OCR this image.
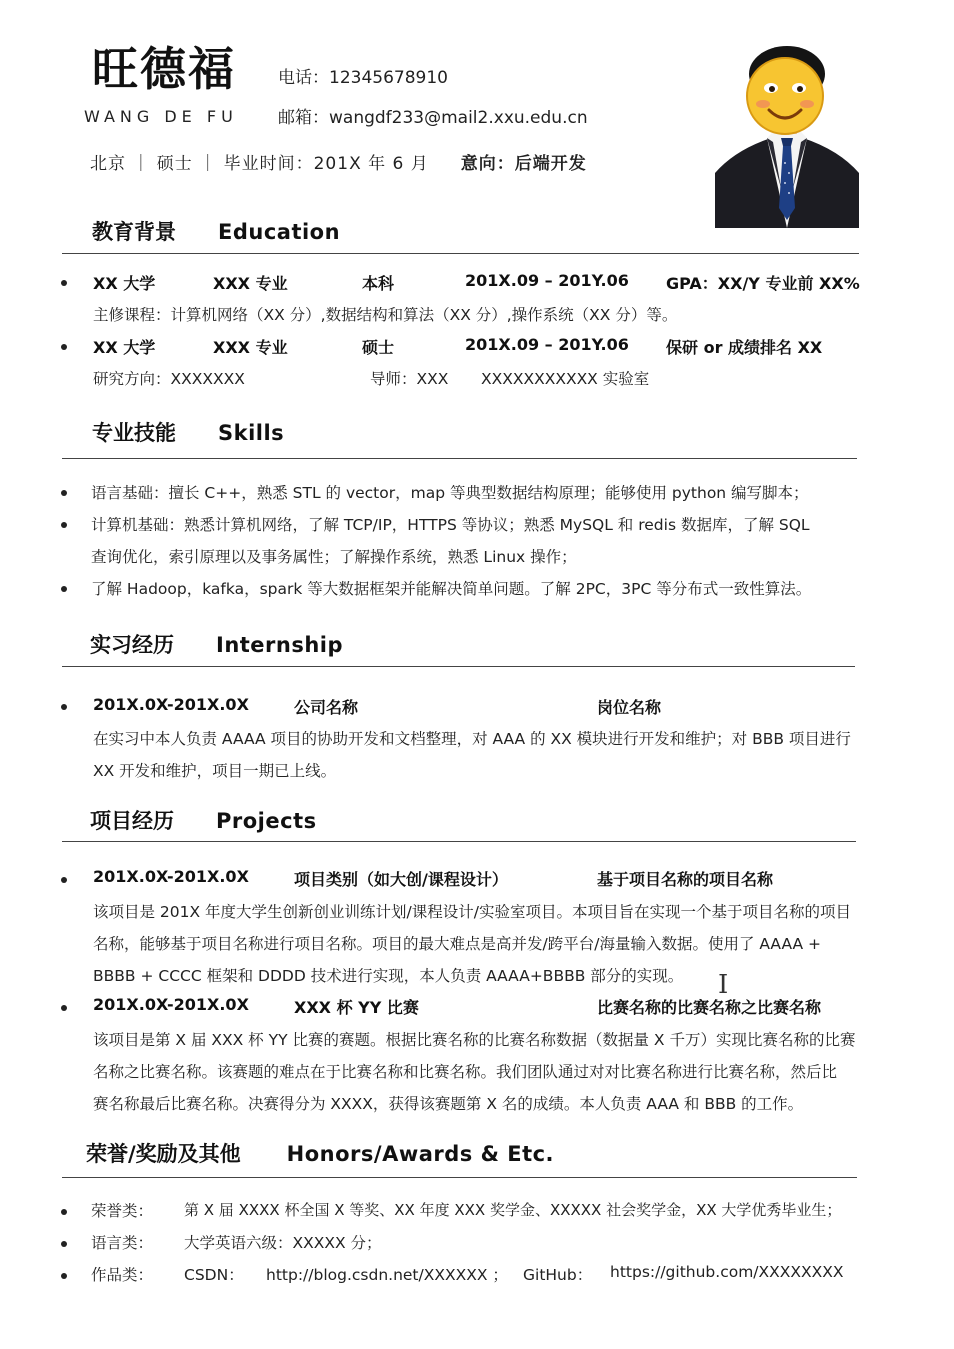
旺德福
WANG DE FU
电话：12345678910
邮箱：wangdf233@mail2.xxu.edu.cn
北京 ｜ 硕士 ｜ 毕业时间：201X 年 6 月 意向：后端开发
教育背景 Education
XX 大学	XXX 专业	本科	201X.09 – 201Y.06 GPA：XX/Y 专业前 XX%
主修课程：计算机网络（XX 分）,数据结构和算法（XX 分）,操作系统（XX 分）等。
XX 大学	XXX 专业	硕士	201X.09 – 201Y.06 保研 or 成绩排名 XX
研究方向：XXXXXXX	导师：XXX XXXXXXXXXXX 实验室
专业技能 Skills
语言基础：擅长 C++，熟悉 STL 的 vector，map 等典型数据结构原理；能够使用 python 编写脚本；
计算机基础：熟悉计算机网络，了解 TCP/IP，HTTPS 等协议；熟悉 MySQL 和 redis 数据库，了解 SQL
查询优化，索引原理以及事务属性；了解操作系统，熟悉 Linux 操作；
了解 Hadoop，kafka，spark 等大数据框架并能解决简单问题。了解 2PC，3PC 等分布式一致性算法。
实习经历 Internship
201X.0X-201X.0X	公司名称	岗位名称
在实习中本人负责 AAAA 项目的协助开发和文档整理，对 AAA 的 XX 模块进行开发和维护；对 BBB 项目进行
XX 开发和维护，项目一期已上线。
项目经历 Projects
201X.0X-201X.0X	项目类别（如大创/课程设计）	基于项目名称的项目名称
该项目是 201X 年度大学生创新创业训练计划/课程设计/实验室项目。本项目旨在实现一个基于项目名称的项目
名称，能够基于项目名称进行项目名称。项目的最大难点是高并发/跨平台/海量输入数据。使用了 AAAA +
BBBB + CCCC 框架和 DDDD 技术进行实现，本人负责 AAAA+BBBB 部分的实现。
201X.0X-201X.0X	XXX 杯 YY 比赛	比赛名称的比赛名称之比赛名称
该项目是第 X 届 XXX 杯 YY 比赛的赛题。根据比赛名称的比赛名称数据（数据量 X 千万）实现比赛名称的比赛
名称之比赛名称。该赛题的难点在于比赛名称和比赛名称。我们团队通过对对比赛名称进行比赛名称，然后比
赛名称最后比赛名称。决赛得分为 XXXX，获得该赛题第 X 名的成绩。本人负责 AAA 和 BBB 的工作。
荣誉/奖励及其他 Honors/Awards & Etc.
荣誉类： 第 X 届 XXXX 杯全国 X 等奖、XX 年度 XXX 奖学金、XXXXX 社会奖学金，XX 大学优秀毕业生；
语言类： 大学英语六级：XXXXX 分；
作品类： CSDN： http://blog.csdn.net/XXXXXX ； GitHub： https://github.com/XXXXXXXX
I
